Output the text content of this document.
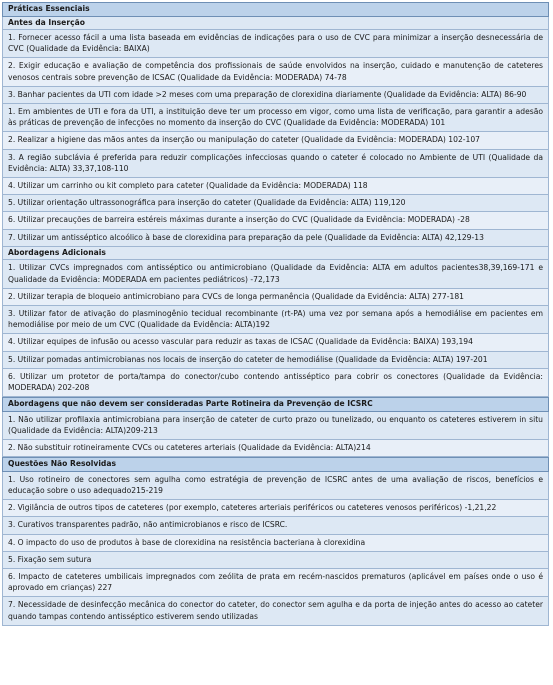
Práticas Essenciais
Antes da Inserção
1. Fornecer acesso fácil a uma lista baseada em evidências de indicações para o uso de CVC para minimizar a inserção desnecessária de CVC (Qualidade da Evidência: BAIXA)
2. Exigir educação e avaliação de competência dos profissionais de saúde envolvidos na inserção, cuidado e manutenção de cateteres venosos centrais sobre prevenção de ICSAC (Qualidade da Evidência: MODERADA) 74-78
3. Banhar pacientes da UTI com idade >2 meses com uma preparação de clorexidina diariamente (Qualidade da Evidência: ALTA) 86-90
1. Em ambientes de UTI e fora da UTI, a instituição deve ter um processo em vigor, como uma lista de verificação, para garantir a adesão às práticas de prevenção de infecções no momento da inserção do CVC (Qualidade da Evidência: MODERADA) 101
2. Realizar a higiene das mãos antes da inserção ou manipulação do cateter (Qualidade da Evidência: MODERADA) 102-107
3. A região subclávia é preferida para reduzir complicações infecciosas quando o cateter é colocado no Ambiente de UTI (Qualidade da Evidência: ALTA) 33,37,108-110
4. Utilizar um carrinho ou kit completo para cateter (Qualidade da Evidência: MODERADA) 118
5. Utilizar orientação ultrassonográfica para inserção do cateter (Qualidade da Evidência: ALTA) 119,120
6. Utilizar precauções de barreira estéreis máximas durante a inserção do CVC (Qualidade da Evidência: MODERADA) -28
7. Utilizar um antisséptico alcoólico à base de clorexidina para preparação da pele (Qualidade da Evidência: ALTA) 42,129-13
Abordagens Adicionais
1. Utilizar CVCs impregnados com antisséptico ou antimicrobiano (Qualidade da Evidência: ALTA em adultos pacientes38,39,169-171 e Qualidade da Evidência: MODERADA em pacientes pediátricos) -72,173
2. Utilizar terapia de bloqueio antimicrobiano para CVCs de longa permanência (Qualidade da Evidência: ALTA) 277-181
3. Utilizar fator de ativação do plasminogênio tecidual recombinante (rt-PA) uma vez por semana após a hemodiálise em pacientes em hemodiálise por meio de um CVC (Qualidade da Evidência: ALTA)192
4. Utilizar equipes de infusão ou acesso vascular para reduzir as taxas de ICSAC (Qualidade da Evidência: BAIXA) 193,194
5. Utilizar pomadas antimicrobianas nos locais de inserção do cateter de hemodiálise (Qualidade da Evidência: ALTA) 197-201
6. Utilizar um protetor de porta/tampa do conector/cubo contendo antisséptico para cobrir os conectores (Qualidade da Evidência: MODERADA) 202-208
Abordagens que não devem ser consideradas Parte Rotineira da Prevenção de ICSRC
1. Não utilizar profilaxia antimicrobiana para inserção de cateter de curto prazo ou tunelizado, ou enquanto os cateteres estiverem in situ (Qualidade da Evidência: ALTA)209-213
2. Não substituir rotineiramente CVCs ou cateteres arteriais (Qualidade da Evidência: ALTA)214
Questões Não Resolvidas
1. Uso rotineiro de conectores sem agulha como estratégia de prevenção de ICSRC antes de uma avaliação de riscos, benefícios e educação sobre o uso adequado215-219
2. Vigilância de outros tipos de cateteres (por exemplo, cateteres arteriais periféricos ou cateteres venosos periféricos) -1,21,22
3. Curativos transparentes padrão, não antimicrobianos e risco de ICSRC.
4. O impacto do uso de produtos à base de clorexidina na resistência bacteriana à clorexidina
5. Fixação sem sutura
6. Impacto de cateteres umbilicais impregnados com zeólita de prata em recém-nascidos prematuros (aplicável em países onde o uso é aprovado em crianças) 227
7. Necessidade de desinfecção mecânica do conector do cateter, do conector sem agulha e da porta de injeção antes do acesso ao cateter quando tampas contendo antisséptico estiverem sendo utilizadas
